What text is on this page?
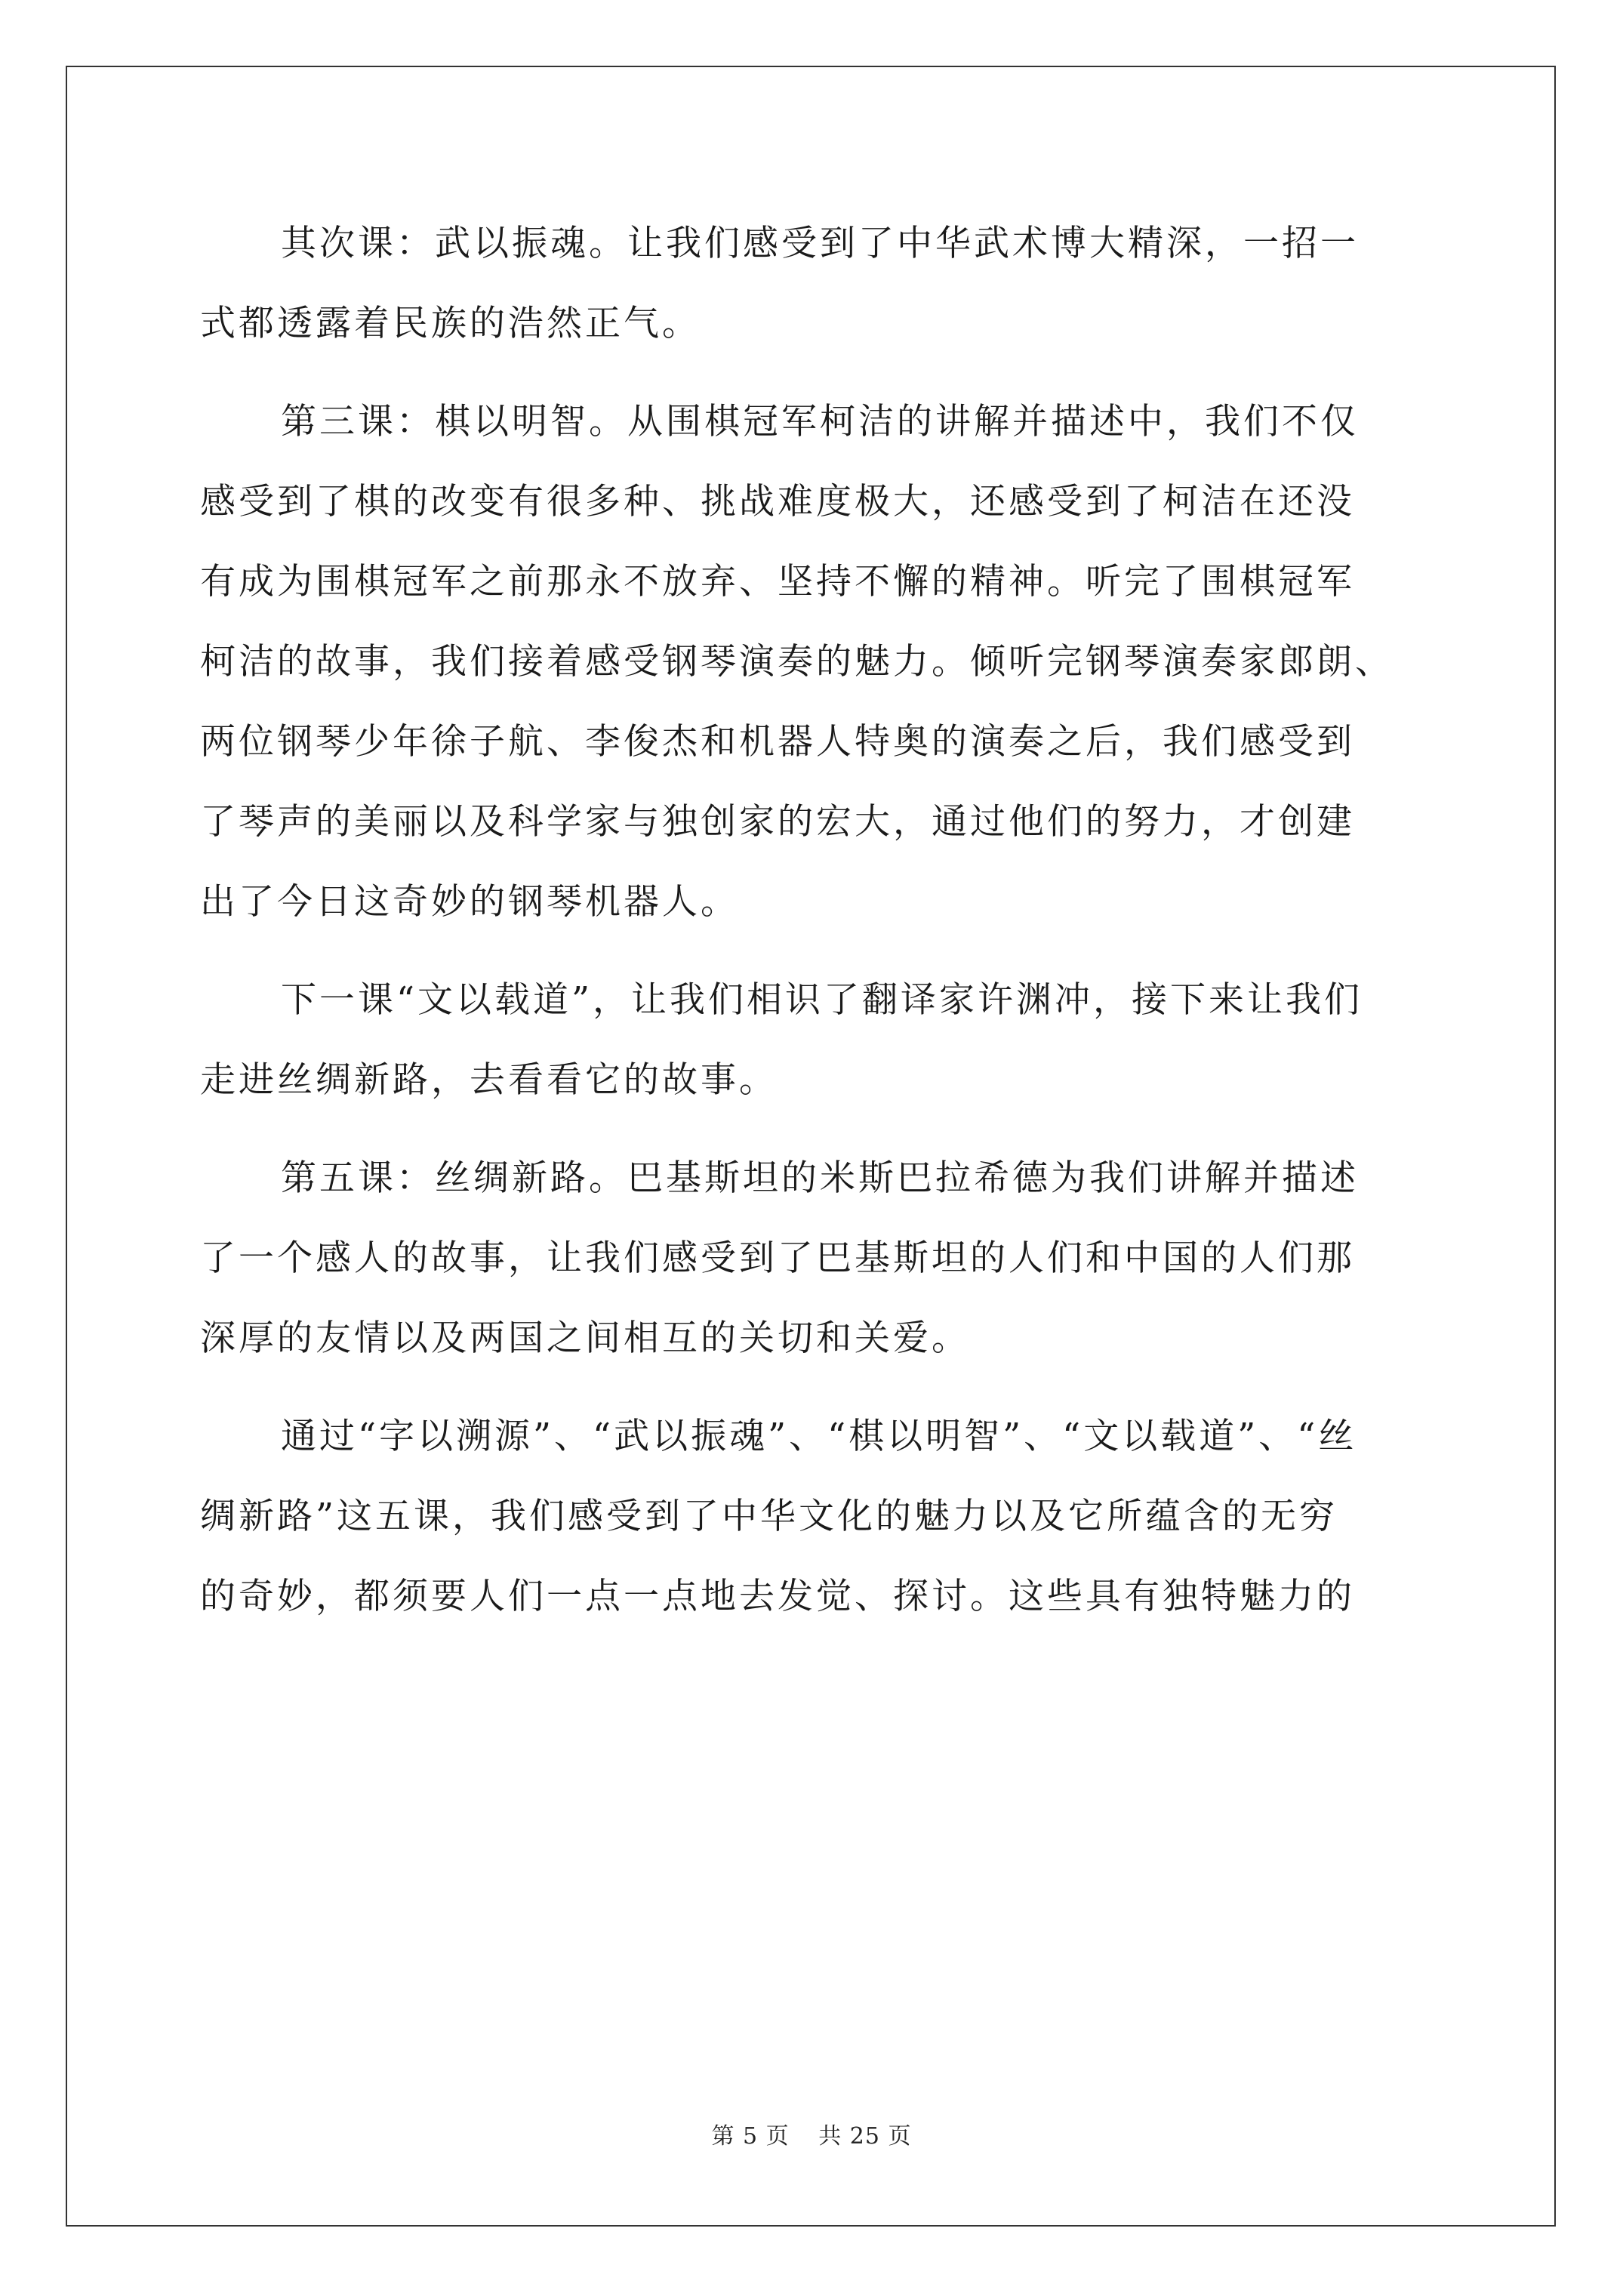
其次课：武以振魂。让我们感受到了中华武术博大精深，一招一
式都透露着民族的浩然正气。

第三课：棋以明智。从围棋冠军柯洁的讲解并描述中，我们不仅
感受到了棋的改变有很多种、挑战难度极大，还感受到了柯洁在还没
有成为围棋冠军之前那永不放弃、坚持不懈的精神。听完了围棋冠军
柯洁的故事，我们接着感受钢琴演奏的魅力。倾听完钢琴演奏家郎朗、
两位钢琴少年徐子航、李俊杰和机器人特奥的演奏之后，我们感受到
了琴声的美丽以及科学家与独创家的宏大，通过他们的努力，才创建
出了今日这奇妙的钢琴机器人。

下一课“文以载道”，让我们相识了翻译家许渊冲，接下来让我们
走进丝绸新路，去看看它的故事。

第五课：丝绸新路。巴基斯坦的米斯巴拉希德为我们讲解并描述
了一个感人的故事，让我们感受到了巴基斯坦的人们和中国的人们那
深厚的友情以及两国之间相互的关切和关爱。

通过“字以溯源”、“武以振魂”、“棋以明智”、“文以载道”、“丝
绸新路”这五课，我们感受到了中华文化的魅力以及它所蕴含的无穷
的奇妙，都须要人们一点一点地去发觉、探讨。这些具有独特魅力的

第 5 页 共 25 页
